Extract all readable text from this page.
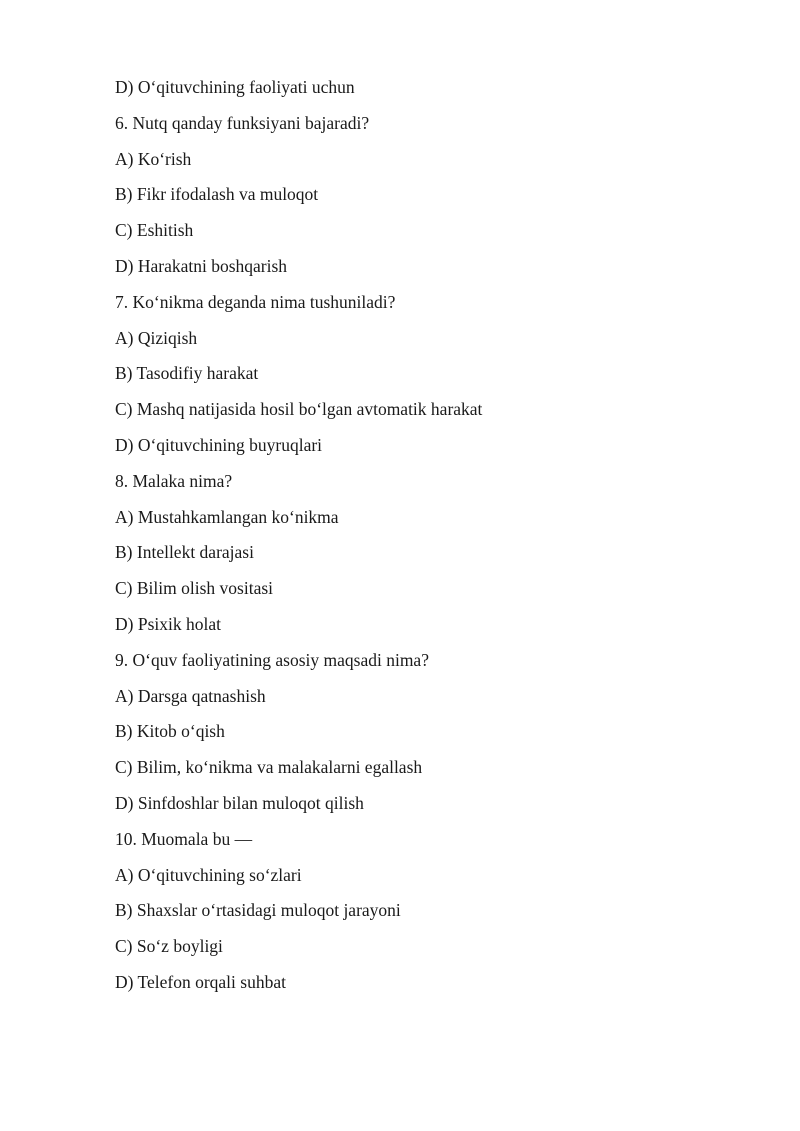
D) O‘qituvchining faoliyati uchun
6. Nutq qanday funksiyani bajaradi?
A) Ko‘rish
B) Fikr ifodalash va muloqot
C) Eshitish
D) Harakatni boshqarish
7. Ko‘nikma deganda nima tushuniladi?
A) Qiziqish
B) Tasodifiy harakat
C) Mashq natijasida hosil bo‘lgan avtomatik harakat
D) O‘qituvchining buyruqlari
8. Malaka nima?
A) Mustahkamlangan ko‘nikma
B) Intellekt darajasi
C) Bilim olish vositasi
D) Psixik holat
9. O‘quv faoliyatining asosiy maqsadi nima?
A) Darsga qatnashish
B) Kitob o‘qish
C) Bilim, ko‘nikma va malakalarni egallash
D) Sinfdoshlar bilan muloqot qilish
10. Muomala bu —
A) O‘qituvchining so‘zlari
B) Shaxslar o‘rtasidagi muloqot jarayoni
C) So‘z boyligi
D) Telefon orqali suhbat
